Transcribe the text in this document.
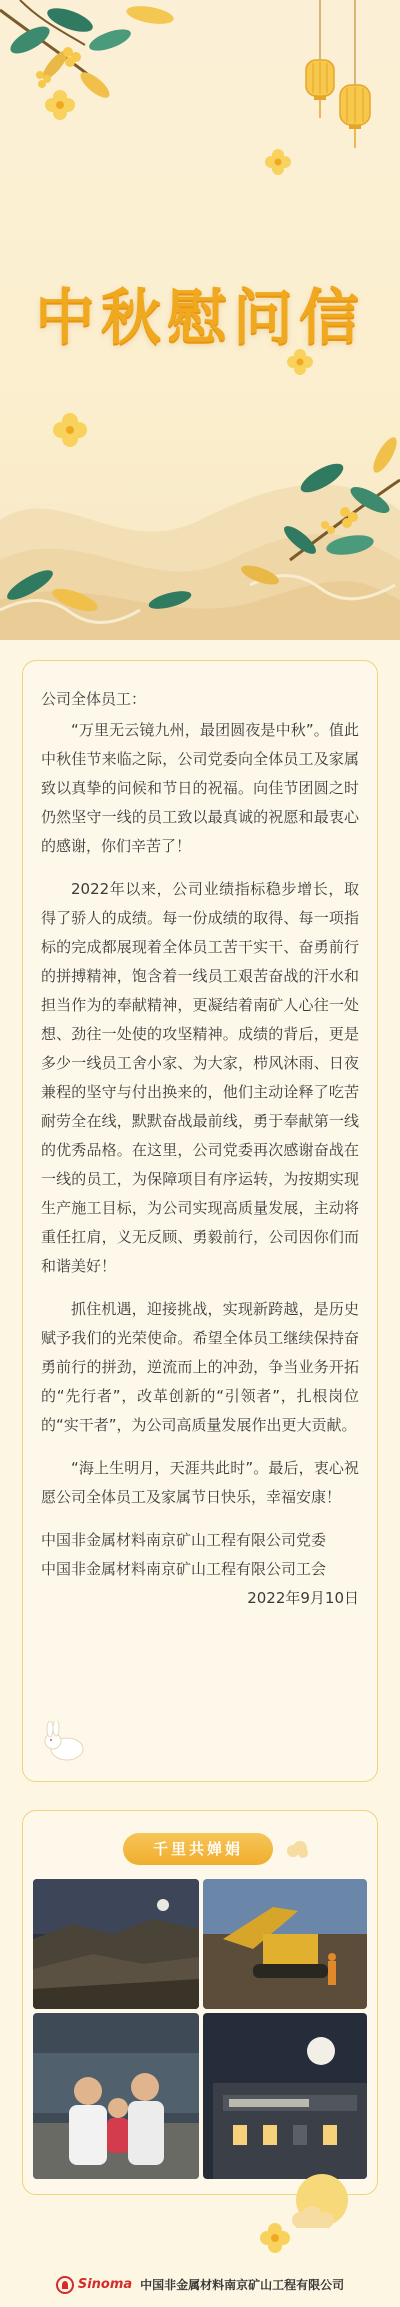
中秋慰问信

公司全体员工：

“万里无云镜九州，最团圆夜是中秋”。值此中秋佳节来临之际，公司党委向全体员工及家属致以真挚的问候和节日的祝福。向佳节团圆之时仍然坚守一线的员工致以最真诚的祝愿和最衷心的感谢，你们辛苦了！

2022年以来，公司业绩指标稳步增长，取得了骄人的成绩。每一份成绩的取得、每一项指标的完成都展现着全体员工苦干实干、奋勇前行的拼搏精神，饱含着一线员工艰苦奋战的汗水和担当作为的奉献精神，更凝结着南矿人心往一处想、劲往一处使的攻坚精神。成绩的背后，更是多少一线员工舍小家、为大家，栉风沐雨、日夜兼程的坚守与付出换来的，他们主动诠释了吃苦耐劳全在线，默默奋战最前线，勇于奉献第一线的优秀品格。在这里，公司党委再次感谢奋战在一线的员工，为保障项目有序运转，为按期实现生产施工目标，为公司实现高质量发展，主动将重任扛肩，义无反顾、勇毅前行，公司因你们而和谐美好！

抓住机遇，迎接挑战，实现新跨越，是历史赋予我们的光荣使命。希望全体员工继续保持奋勇前行的拼劲，逆流而上的冲劲，争当业务开拓的“先行者”，改革创新的“引领者”，扎根岗位的“实干者”，为公司高质量发展作出更大贡献。

“海上生明月，天涯共此时”。最后，衷心祝愿公司全体员工及家属节日快乐，幸福安康！

中国非金属材料南京矿山工程有限公司党委

中国非金属材料南京矿山工程有限公司工会

2022年9月10日

千里共婵娟
Sinoma 中国非金属材料南京矿山工程有限公司
